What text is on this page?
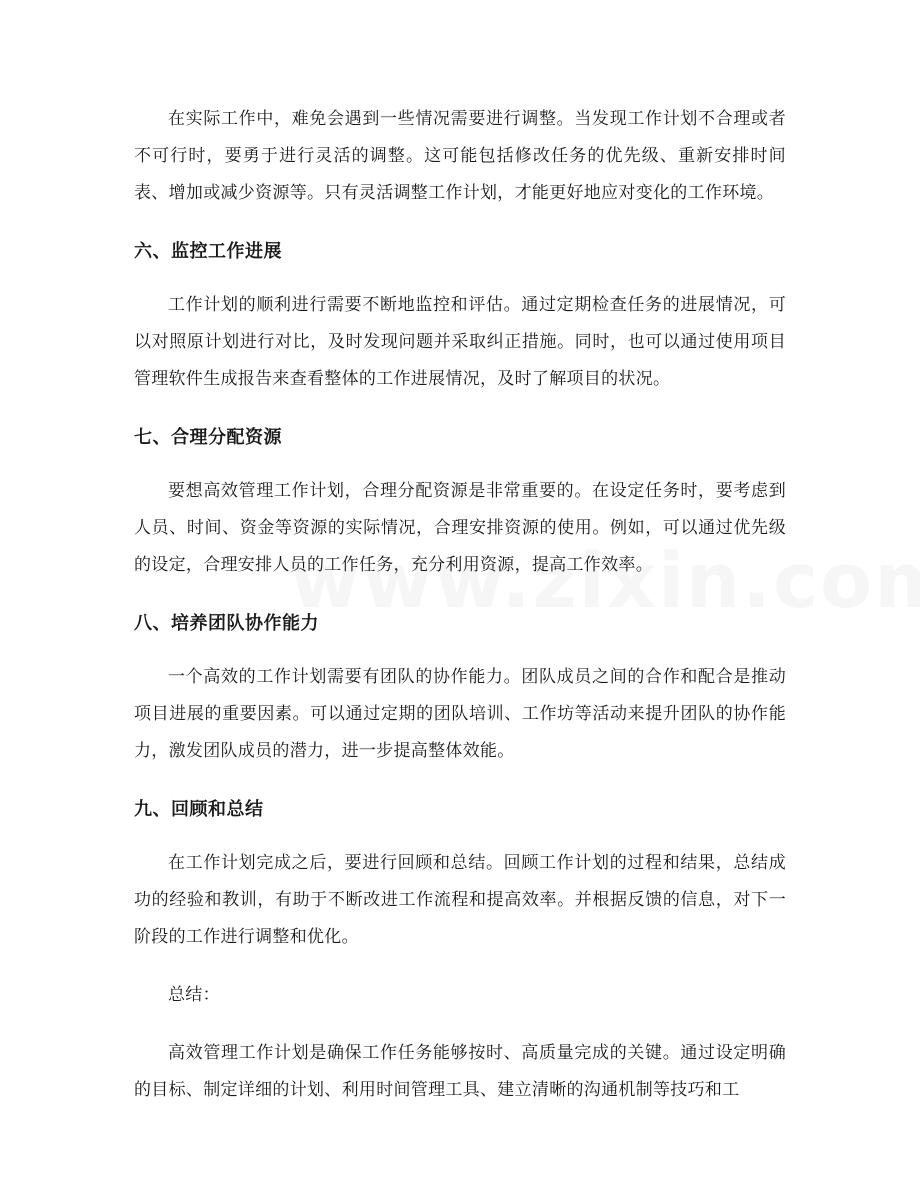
在实际工作中，难免会遇到一些情况需要进行调整。当发现工作计划不合理或者不可行时，要勇于进行灵活的调整。这可能包括修改任务的优先级、重新安排时间表、增加或减少资源等。只有灵活调整工作计划，才能更好地应对变化的工作环境。

六、监控工作进展

工作计划的顺利进行需要不断地监控和评估。通过定期检查任务的进展情况，可以对照原计划进行对比，及时发现问题并采取纠正措施。同时，也可以通过使用项目管理软件生成报告来查看整体的工作进展情况，及时了解项目的状况。

七、合理分配资源

要想高效管理工作计划，合理分配资源是非常重要的。在设定任务时，要考虑到人员、时间、资金等资源的实际情况，合理安排资源的使用。例如，可以通过优先级的设定，合理安排人员的工作任务，充分利用资源，提高工作效率。

八、培养团队协作能力

一个高效的工作计划需要有团队的协作能力。团队成员之间的合作和配合是推动项目进展的重要因素。可以通过定期的团队培训、工作坊等活动来提升团队的协作能力，激发团队成员的潜力，进一步提高整体效能。

九、回顾和总结

在工作计划完成之后，要进行回顾和总结。回顾工作计划的过程和结果，总结成功的经验和教训，有助于不断改进工作流程和提高效率。并根据反馈的信息，对下一阶段的工作进行调整和优化。

总结：

高效管理工作计划是确保工作任务能够按时、高质量完成的关键。通过设定明确的目标、制定详细的计划、利用时间管理工具、建立清晰的沟通机制等技巧和工
